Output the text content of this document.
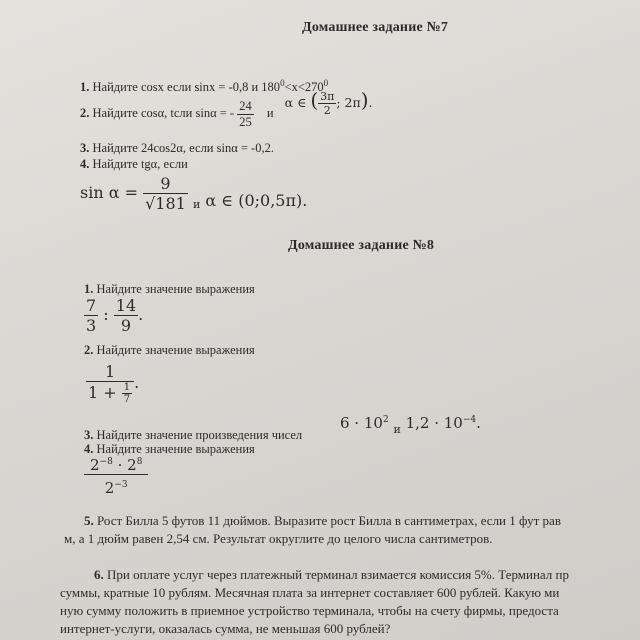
Домашнее задание №7
1. Найдите cosx если sinx = -0,8 и $180^0<x<270^0$
2. Найдите cosα, tсли sinα = - $\frac{24}{25}$ и α ∈ ( $\frac{3\pi}{2}$ ; 2π).
3. Найдите 24cos2α, если sinα = -0,2.
4. Найдите tgα, если
$\sin \alpha = \frac{9}{√181} _и$ α ∈ (0;0,5π).
Домашнее задание №8
1. Найдите значение выражения
$\frac{7}{3}$ : $\frac{14}{9}$ .
2. Найдите значение выражения
$\frac{1}{1 + \frac{1}{7}}$ .
3. Найдите значение произведения чисел
$6 \cdot 10^2$ $_и$ $1,2 \cdot 10^{-4}$.
4. Найдите значение выражения
$\frac{2^{-8} \cdot 2^8}{2^{-3}}$
5. Рост Билла 5 футов 11 дюймов. Выразите рост Билла в сантиметрах, если 1 фут рав
м, а 1 дюйм равен 2,54 см. Результат округлите до целого числа сантиметров.
6. При оплате услуг через платежный терминал взимается комиссия 5%. Терминал пр
суммы, кратные 10 рублям. Месячная плата за интернет составляет 600 рублей. Какую ми
ную сумму положить в приемное устройство терминала, чтобы на счету фирмы, предоста
интернет-услуги, оказалась сумма, не меньшая 600 рублей?
